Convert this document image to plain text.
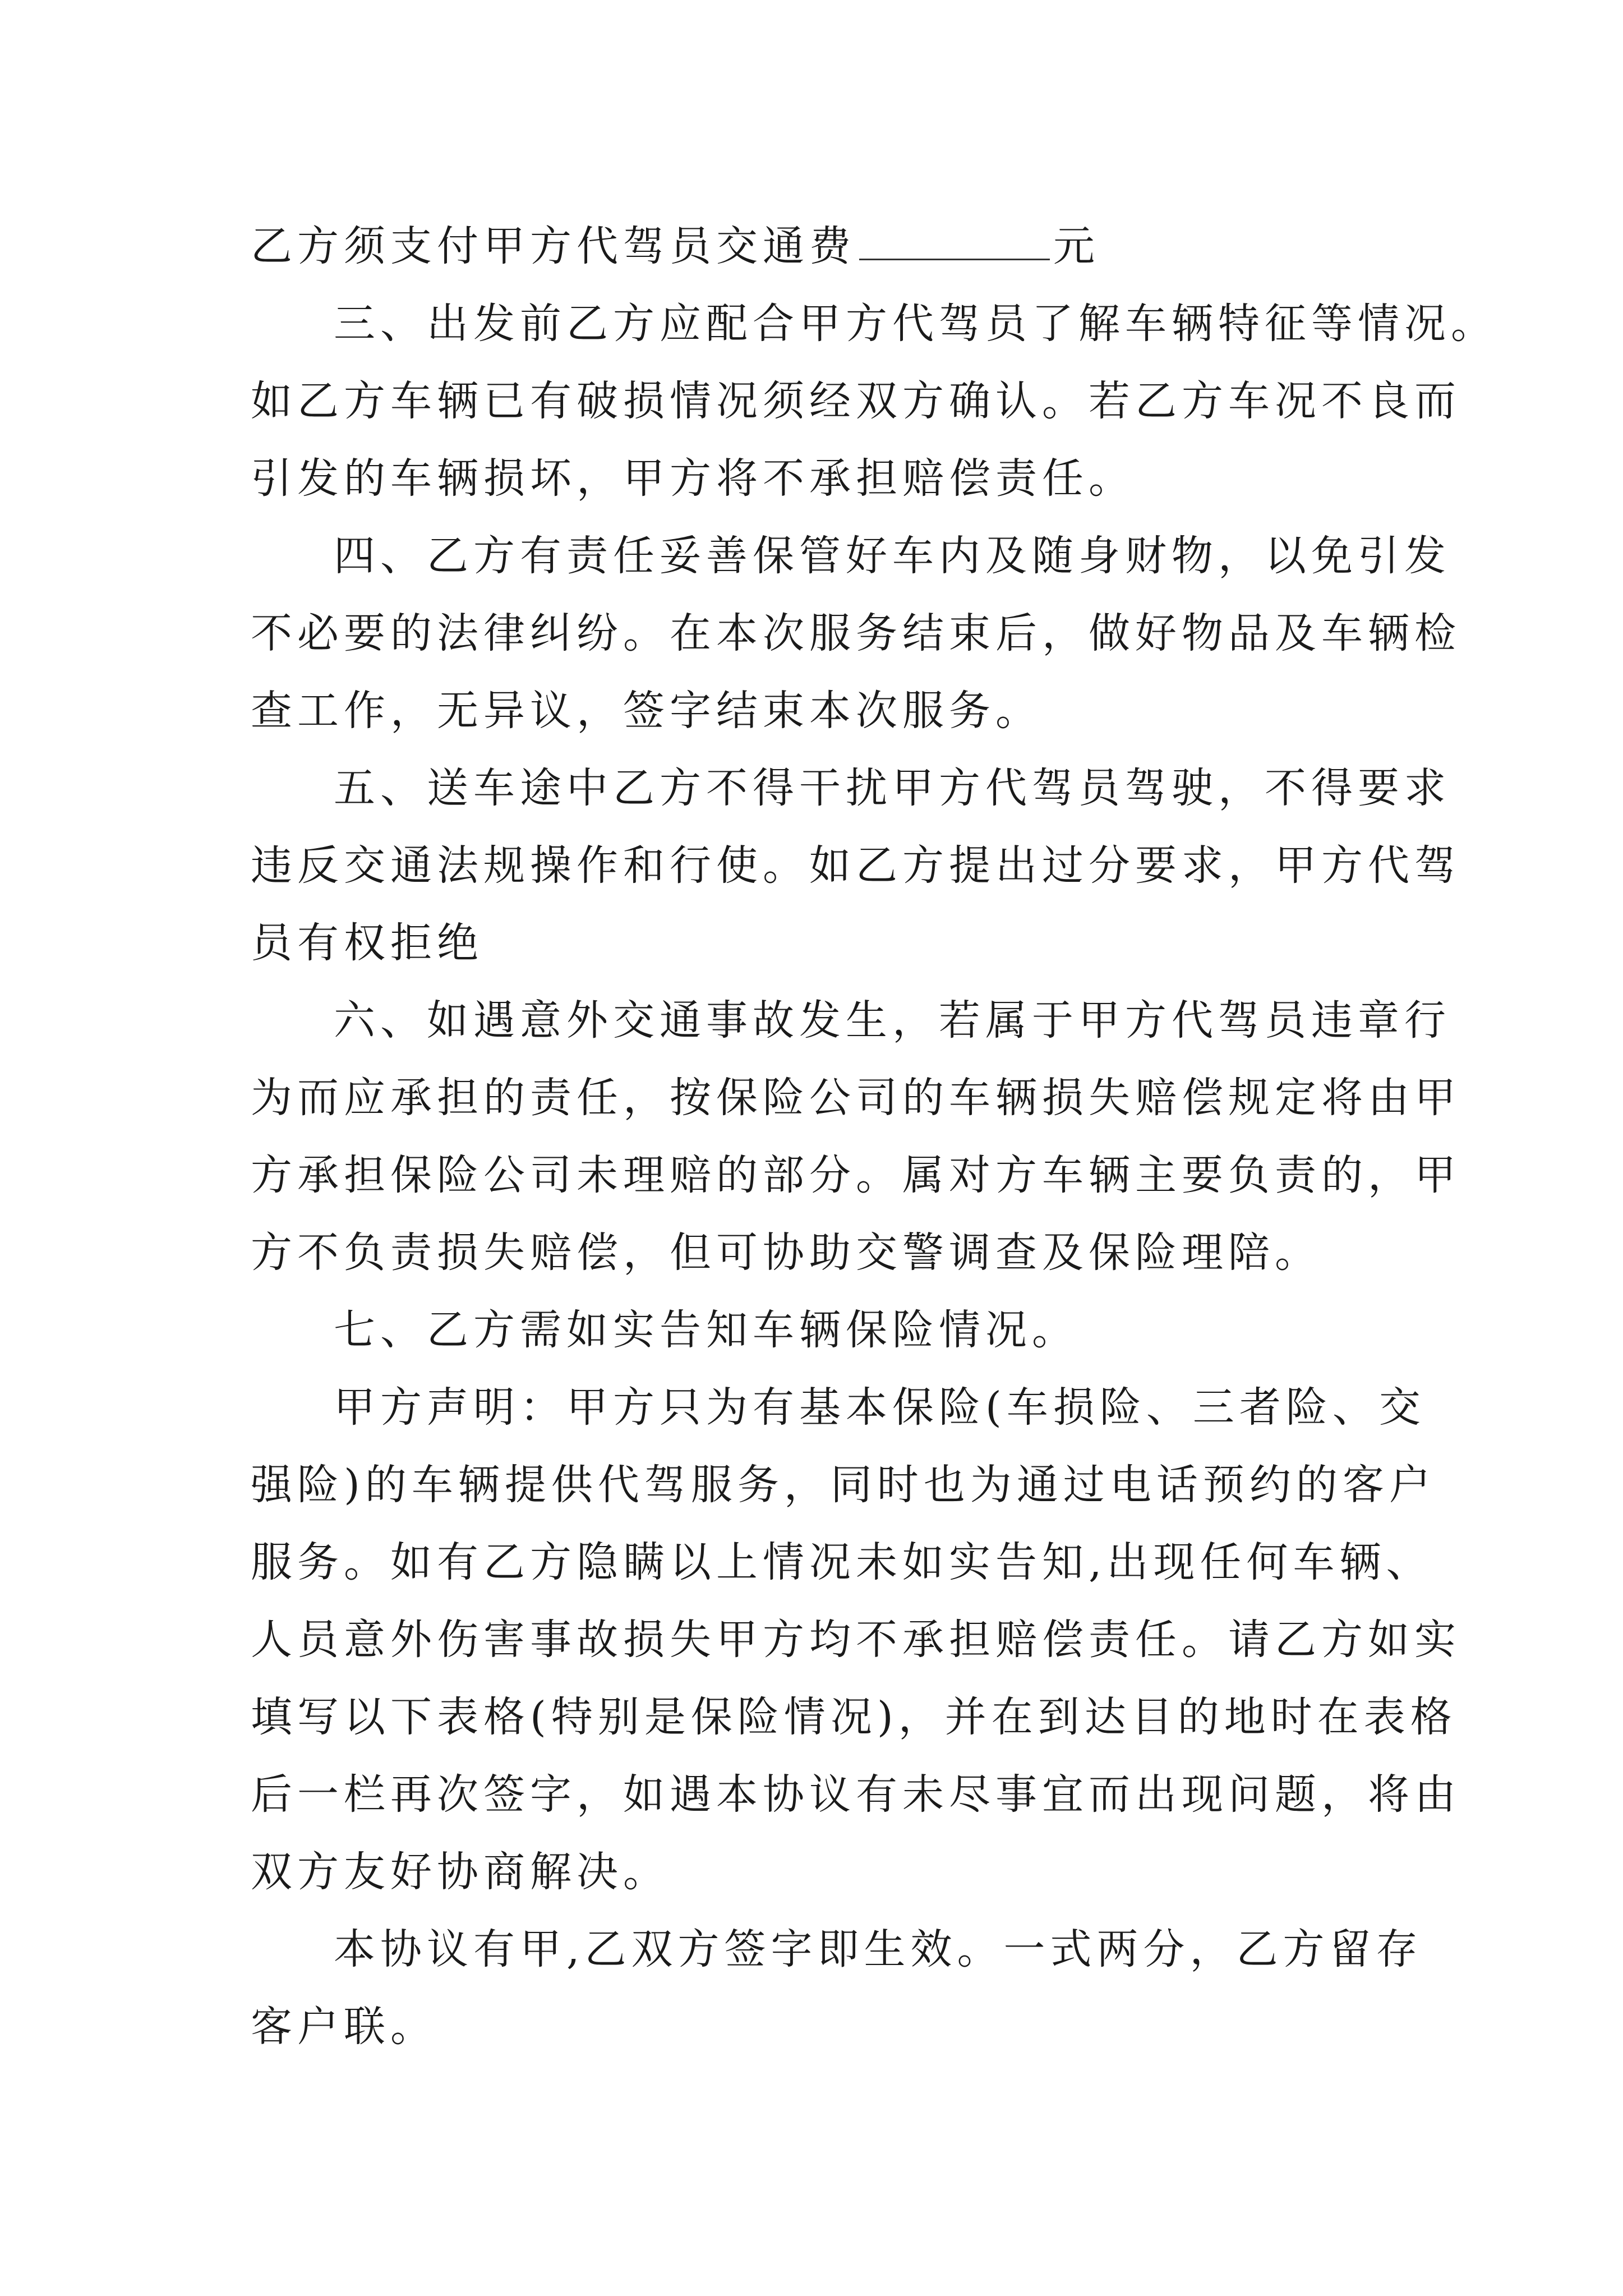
乙方须支付甲方代驾员交通费	元
三、出发前乙方应配合甲方代驾员了解车辆特征等情况。
如乙方车辆已有破损情况须经双方确认。若乙方车况不良而
引发的车辆损坏，甲方将不承担赔偿责任。
四、乙方有责任妥善保管好车内及随身财物，以免引发
不必要的法律纠纷。在本次服务结束后，做好物品及车辆检
查工作，无异议，签字结束本次服务。
五、送车途中乙方不得干扰甲方代驾员驾驶，不得要求
违反交通法规操作和行使。如乙方提出过分要求，甲方代驾
员有权拒绝
六、如遇意外交通事故发生，若属于甲方代驾员违章行
为而应承担的责任，按保险公司的车辆损失赔偿规定将由甲
方承担保险公司未理赔的部分。属对方车辆主要负责的，甲
方不负责损失赔偿，但可协助交警调查及保险理陪。
七、乙方需如实告知车辆保险情况。
甲方声明：甲方只为有基本保险(车损险、三者险、交
强险)的车辆提供代驾服务，同时也为通过电话预约的客户
服务。如有乙方隐瞒以上情况未如实告知,出现任何车辆、
人员意外伤害事故损失甲方均不承担赔偿责任。请乙方如实
填写以下表格(特别是保险情况)，并在到达目的地时在表格
后一栏再次签字，如遇本协议有未尽事宜而出现问题，将由
双方友好协商解决。
本协议有甲,乙双方签字即生效。一式两分，乙方留存
客户联。
